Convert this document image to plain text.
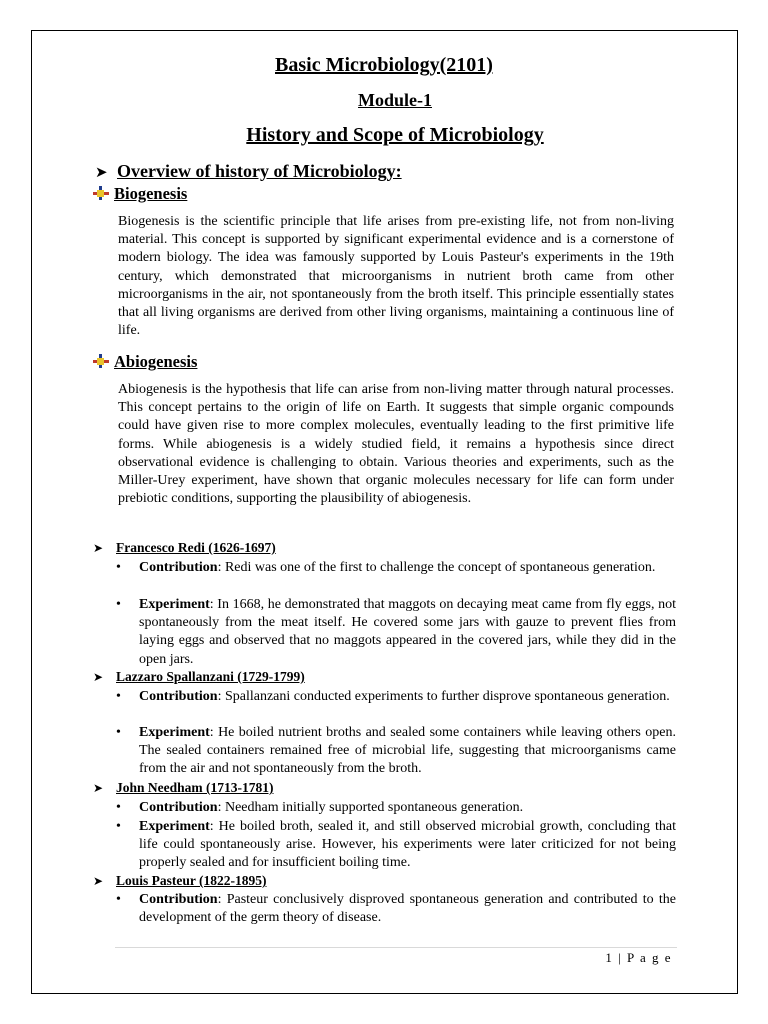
Basic Microbiology(2101)
Module-1
History and Scope of Microbiology
➤ Overview of history of Microbiology:
Biogenesis
Biogenesis is the scientific principle that life arises from pre-existing life, not from non-living material. This concept is supported by significant experimental evidence and is a cornerstone of modern biology. The idea was famously supported by Louis Pasteur's experiments in the 19th century, which demonstrated that microorganisms in nutrient broth came from other microorganisms in the air, not spontaneously from the broth itself. This principle essentially states that all living organisms are derived from other living organisms, maintaining a continuous line of life.
Abiogenesis
Abiogenesis is the hypothesis that life can arise from non-living matter through natural processes. This concept pertains to the origin of life on Earth. It suggests that simple organic compounds could have given rise to more complex molecules, eventually leading to the first primitive life forms. While abiogenesis is a widely studied field, it remains a hypothesis since direct observational evidence is challenging to obtain. Various theories and experiments, such as the Miller-Urey experiment, have shown that organic molecules necessary for life can form under prebiotic conditions, supporting the plausibility of abiogenesis.
➤ Francesco Redi (1626-1697)
• Contribution: Redi was one of the first to challenge the concept of spontaneous generation.
• Experiment: In 1668, he demonstrated that maggots on decaying meat came from fly eggs, not spontaneously from the meat itself. He covered some jars with gauze to prevent flies from laying eggs and observed that no maggots appeared in the covered jars, while they did in the open jars.
➤ Lazzaro Spallanzani (1729-1799)
• Contribution: Spallanzani conducted experiments to further disprove spontaneous generation.
• Experiment: He boiled nutrient broths and sealed some containers while leaving others open. The sealed containers remained free of microbial life, suggesting that microorganisms came from the air and not spontaneously from the broth.
➤ John Needham (1713-1781)
• Contribution: Needham initially supported spontaneous generation.
• Experiment: He boiled broth, sealed it, and still observed microbial growth, concluding that life could spontaneously arise. However, his experiments were later criticized for not being properly sealed and for insufficient boiling time.
➤ Louis Pasteur (1822-1895)
• Contribution: Pasteur conclusively disproved spontaneous generation and contributed to the development of the germ theory of disease.
1 | P a g e
